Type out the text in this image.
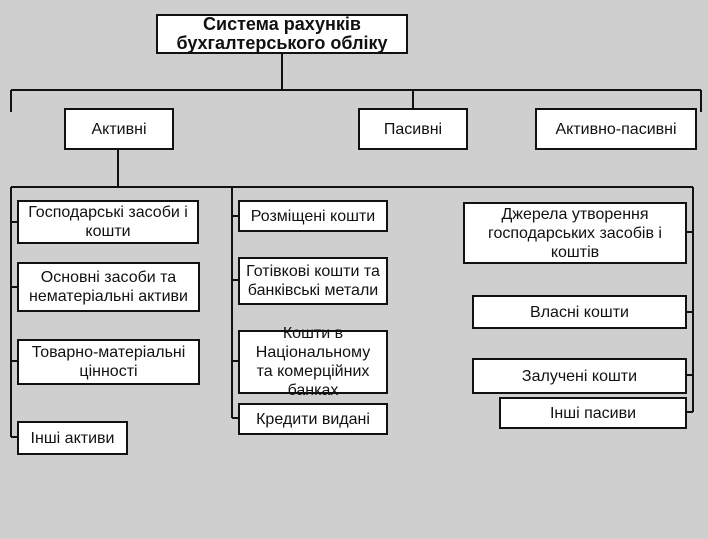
Система рахунків бухгалтерського обліку
Активні	Пасивні	Активно-пасивні
Господарські засоби і кошти
Основні засоби та нематеріальні активи
Товарно-матеріальні цінності
Інші активи
Розміщені кошти
Готівкові кошти та банківські метали
Кошти в Національному та комерційних банках
Кредити видані
Джерела утворення господарських засобів і коштів
Власні кошти
Залучені кошти
Інші пасиви
